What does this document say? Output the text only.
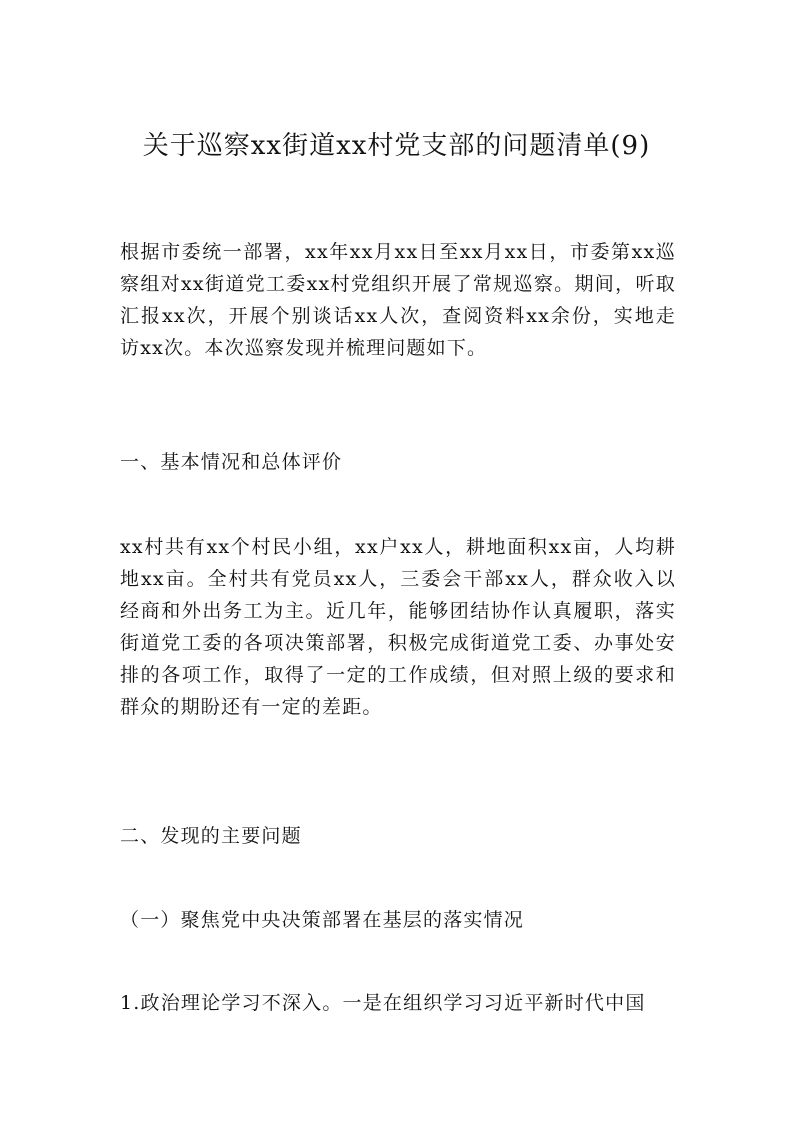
关于巡察xx街道xx村党支部的问题清单(9)

根据市委统一部署，xx年xx月xx日至xx月xx日，市委第xx巡察组对xx街道党工委xx村党组织开展了常规巡察。期间，听取汇报xx次，开展个别谈话xx人次，查阅资料xx余份，实地走访xx次。本次巡察发现并梳理问题如下。

一、基本情况和总体评价

xx村共有xx个村民小组，xx户xx人，耕地面积xx亩，人均耕地xx亩。全村共有党员xx人，三委会干部xx人，群众收入以经商和外出务工为主。近几年，能够团结协作认真履职，落实街道党工委的各项决策部署，积极完成街道党工委、办事处安排的各项工作，取得了一定的工作成绩，但对照上级的要求和群众的期盼还有一定的差距。

二、发现的主要问题

（一）聚焦党中央决策部署在基层的落实情况

1.政治理论学习不深入。一是在组织学习习近平新时代中国
